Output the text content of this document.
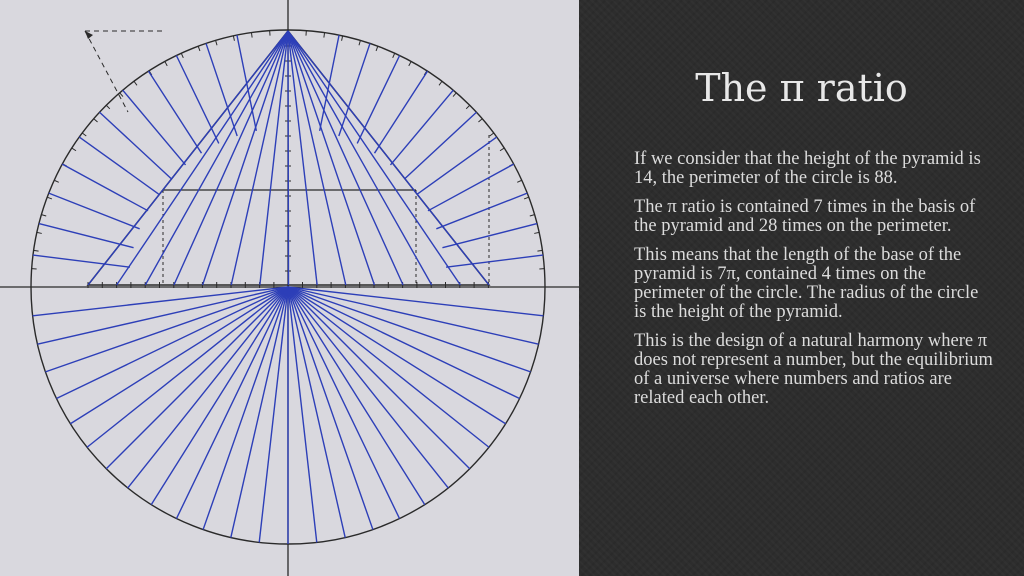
The π ratio

If we consider that the height of the pyramid is 14, the perimeter of the circle is 88.

The π ratio is contained 7 times in the basis of the pyramid and 28 times on the perimeter.

This means that the length of the base of the pyramid is 7π, contained 4 times on the perimeter of the circle. The radius of the circle is the height of the pyramid.

This is the design of a natural harmony where π does not represent a number, but the equilibrium of a universe where numbers and ratios are related each other.
